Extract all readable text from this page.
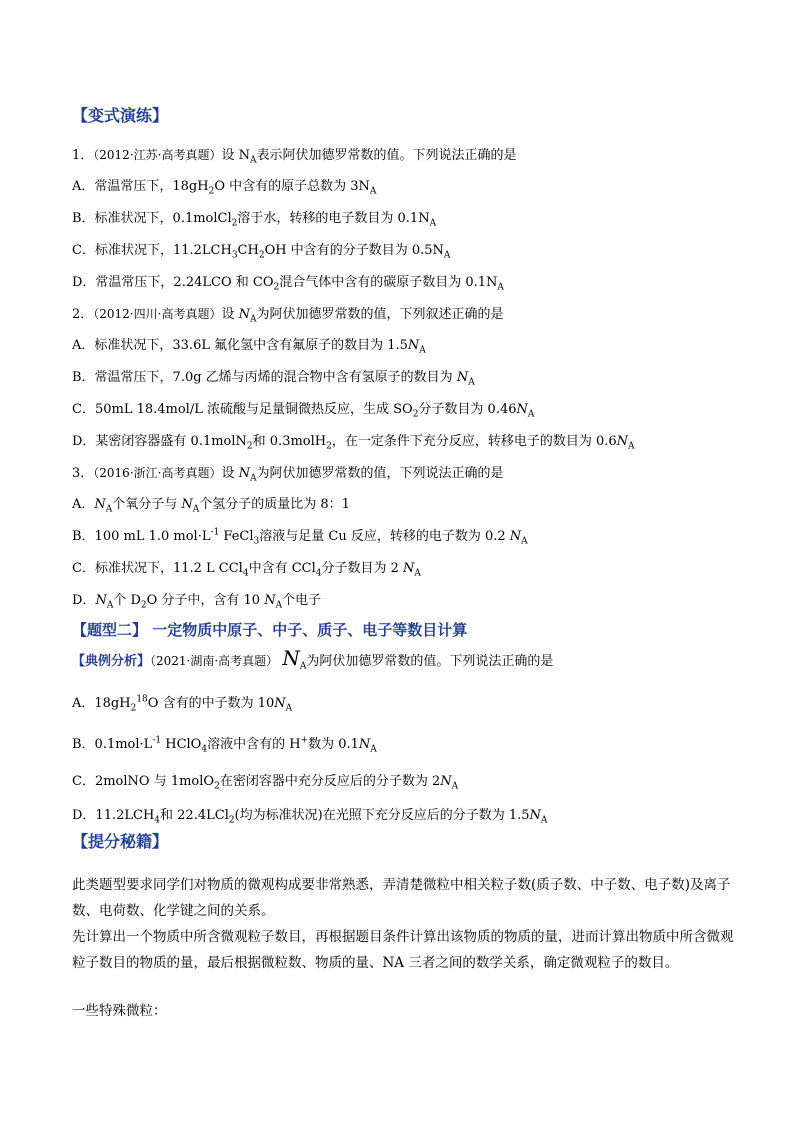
【变式演练】
1．（2012·江苏·高考真题）设 $N_A$表示阿伏加德罗常数的值。下列说法正确的是
A．常温常压下，$18gH_2O$ 中含有的原子总数为 $3N_A$
B．标准状况下，0.1molCl$_2$溶于水，转移的电子数目为 $0.1N_A$
C．标准状况下，$11.2LCH_3CH_2OH$ 中含有的分子数目为 $0.5N_A$
D．常温常压下，2.24LCO 和 $CO_2$混合气体中含有的碳原子数目为 $0.1N_A$
2．（2012·四川·高考真题）设 $N_A$为阿伏加德罗常数的值，下列叙述正确的是
A．标准状况下，33.6L 氟化氢中含有氟原子的数目为 $1.5N_A$
B．常温常压下，7.0g 乙烯与丙烯的混合物中含有氢原子的数目为 $N_A$
C．50mL 18.4mol/L 浓硫酸与足量铜微热反应，生成 $SO_2$分子数目为 $0.46N_A$
D．某密闭容器盛有 0.1molN$_2$和 0.3molH$_2$，在一定条件下充分反应，转移电子的数目为 $0.6N_A$
3．（2016·浙江·高考真题）设 $N_A$为阿伏加德罗常数的值，下列说法正确的是
A．$N_A$个氧分子与 $N_A$个氢分子的质量比为 8：1
B．100 mL 1.0 $mol\cdot L^{-1}$ FeCl$_3$溶液与足量 Cu 反应，转移的电子数为 0.2 $N_A$
C．标准状况下，11.2 L CCl$_4$中含有 CCl$_4$分子数目为 2 $N_A$
D．$N_A$个 $D_2O$ 分子中，含有 10 $N_A$个电子
【题型二】 一定物质中原子、中子、质子、电子等数目计算
【典例分析】（2021·湖南·高考真题） $N_A$为阿伏加德罗常数的值。下列说法正确的是
A．$18gH_2^{18}O$ 含有的中子数为 $10N_A$
B．$0.1mol\cdot L^{-1}$ HClO$_4$溶液中含有的 H+数为 $0.1N_A$
C．2molNO 与 1molO$_2$在密闭容器中充分反应后的分子数为 $2N_A$
D．$11.2LCH_4$和 22.4LCl$_2$(均为标准状况)在光照下充分反应后的分子数为 $1.5N_A$
【提分秘籍】
此类题型要求同学们对物质的微观构成要非常熟悉，弄清楚微粒中相关粒子数(质子数、中子数、电子数)及离子数、电荷数、化学键之间的关系。
先计算出一个物质中所含微观粒子数目，再根据题目条件计算出该物质的物质的量，进而计算出物质中所含微观粒子数目的物质的量，最后根据微粒数、物质的量、NA 三者之间的数学关系，确定微观粒子的数目。
一些特殊微粒：
